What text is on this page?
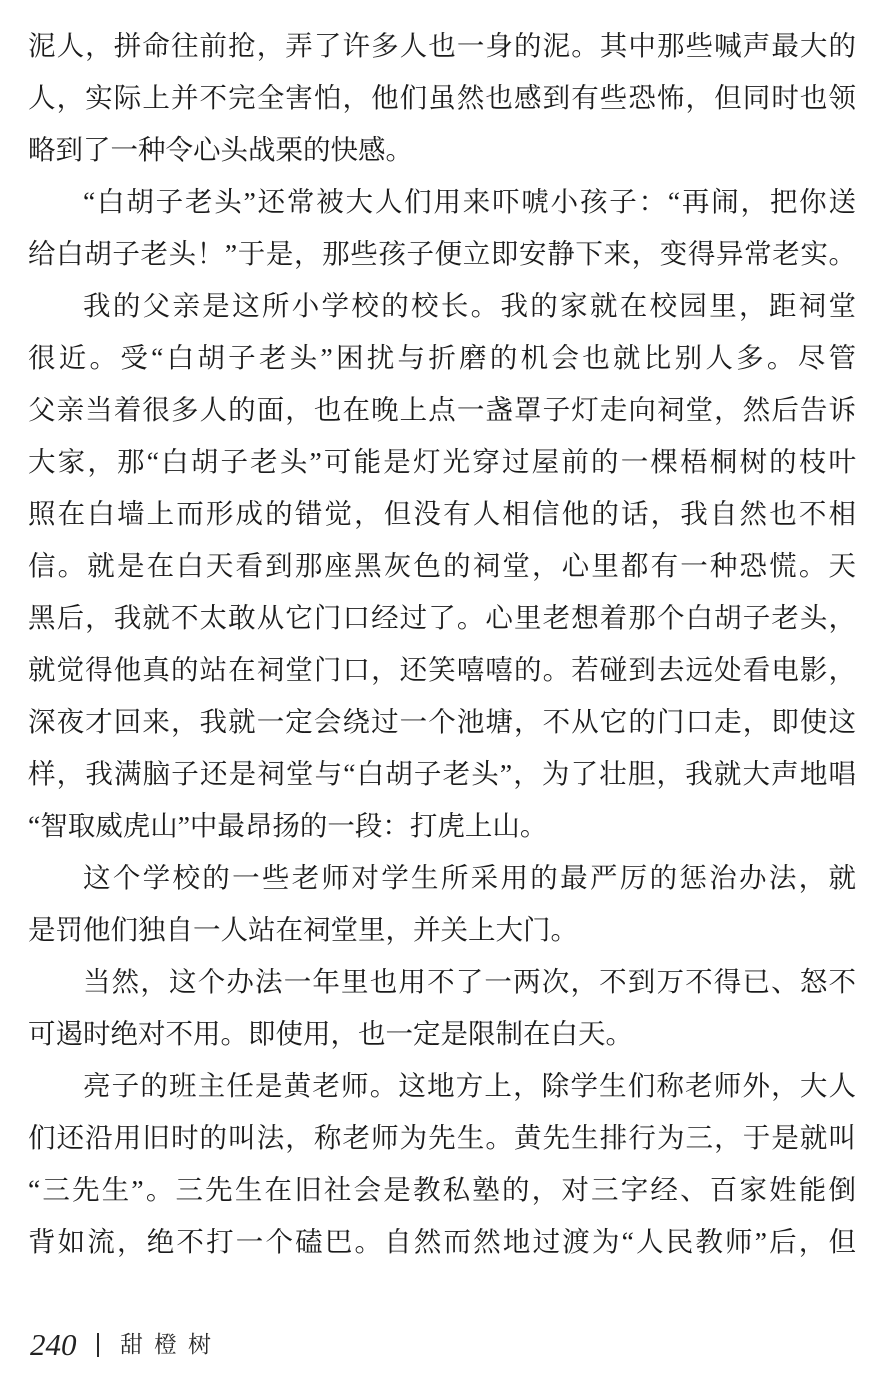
泥人，拼命往前抢，弄了许多人也一身的泥。其中那些喊声最大的
人，实际上并不完全害怕，他们虽然也感到有些恐怖，但同时也领
略到了一种令心头战栗的快感。
“白胡子老头”还常被大人们用来吓唬小孩子：“再闹，把你送
给白胡子老头！”于是，那些孩子便立即安静下来，变得异常老实。
我的父亲是这所小学校的校长。我的家就在校园里，距祠堂
很近。受“白胡子老头”困扰与折磨的机会也就比别人多。尽管
父亲当着很多人的面，也在晚上点一盏罩子灯走向祠堂，然后告诉
大家，那“白胡子老头”可能是灯光穿过屋前的一棵梧桐树的枝叶
照在白墙上而形成的错觉，但没有人相信他的话，我自然也不相
信。就是在白天看到那座黑灰色的祠堂，心里都有一种恐慌。天
黑后，我就不太敢从它门口经过了。心里老想着那个白胡子老头，
就觉得他真的站在祠堂门口，还笑嘻嘻的。若碰到去远处看电影，
深夜才回来，我就一定会绕过一个池塘，不从它的门口走，即使这
样，我满脑子还是祠堂与“白胡子老头”，为了壮胆，我就大声地唱
“智取威虎山”中最昂扬的一段：打虎上山。
这个学校的一些老师对学生所采用的最严厉的惩治办法，就
是罚他们独自一人站在祠堂里，并关上大门。
当然，这个办法一年里也用不了一两次，不到万不得已、怒不
可遏时绝对不用。即使用，也一定是限制在白天。
亮子的班主任是黄老师。这地方上，除学生们称老师外，大人
们还沿用旧时的叫法，称老师为先生。黄先生排行为三，于是就叫
“三先生”。三先生在旧社会是教私塾的，对三字经、百家姓能倒
背如流，绝不打一个磕巴。自然而然地过渡为“人民教师”后，但
240 甜橙树
